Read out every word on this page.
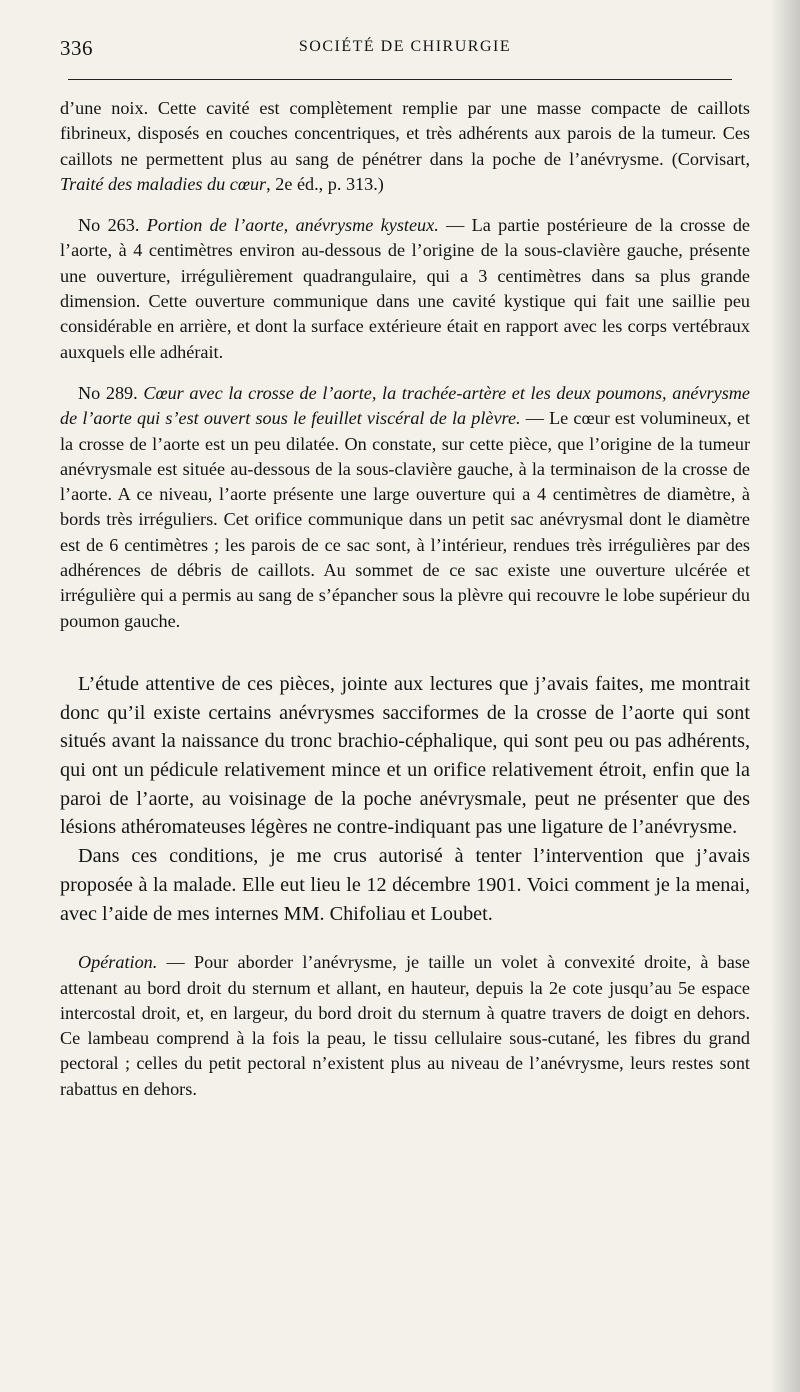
336	SOCIÉTÉ DE CHIRURGIE

d’une noix. Cette cavité est complètement remplie par une masse compacte de caillots fibrineux, disposés en couches concentriques, et très adhérents aux parois de la tumeur. Ces caillots ne permettent plus au sang de pénétrer dans la poche de l’anévrysme. (Corvisart, Traité des maladies du cœur, 2e éd., p. 313.)

No 263. Portion de l’aorte, anévrysme kysteux. — La partie postérieure de la crosse de l’aorte, à 4 centimètres environ au-dessous de l’origine de la sous-clavière gauche, présente une ouverture, irrégulièrement quadrangulaire, qui a 3 centimètres dans sa plus grande dimension. Cette ouverture communique dans une cavité kystique qui fait une saillie peu considérable en arrière, et dont la surface extérieure était en rapport avec les corps vertébraux auxquels elle adhérait.

No 289. Cœur avec la crosse de l’aorte, la trachée-artère et les deux poumons, anévrysme de l’aorte qui s’est ouvert sous le feuillet viscéral de la plèvre. — Le cœur est volumineux, et la crosse de l’aorte est un peu dilatée. On constate, sur cette pièce, que l’origine de la tumeur anévrysmale est située au-dessous de la sous-clavière gauche, à la terminaison de la crosse de l’aorte. A ce niveau, l’aorte présente une large ouverture qui a 4 centimètres de diamètre, à bords très irréguliers. Cet orifice communique dans un petit sac anévrysmal dont le diamètre est de 6 centimètres ; les parois de ce sac sont, à l’intérieur, rendues très irrégulières par des adhérences de débris de caillots. Au sommet de ce sac existe une ouverture ulcérée et irrégulière qui a permis au sang de s’épancher sous la plèvre qui recouvre le lobe supérieur du poumon gauche.

L’étude attentive de ces pièces, jointe aux lectures que j’avais faites, me montrait donc qu’il existe certains anévrysmes sacciformes de la crosse de l’aorte qui sont situés avant la naissance du tronc brachio-céphalique, qui sont peu ou pas adhérents, qui ont un pédicule relativement mince et un orifice relativement étroit, enfin que la paroi de l’aorte, au voisinage de la poche anévrysmale, peut ne présenter que des lésions athéromateuses légères ne contre-indiquant pas une ligature de l’anévrysme.

Dans ces conditions, je me crus autorisé à tenter l’intervention que j’avais proposée à la malade. Elle eut lieu le 12 décembre 1901. Voici comment je la menai, avec l’aide de mes internes MM. Chifoliau et Loubet.

Opération. — Pour aborder l’anévrysme, je taille un volet à convexité droite, à base attenant au bord droit du sternum et allant, en hauteur, depuis la 2e cote jusqu’au 5e espace intercostal droit, et, en largeur, du bord droit du sternum à quatre travers de doigt en dehors. Ce lambeau comprend à la fois la peau, le tissu cellulaire sous-cutané, les fibres du grand pectoral ; celles du petit pectoral n’existent plus au niveau de l’anévrysme, leurs restes sont rabattus en dehors.
